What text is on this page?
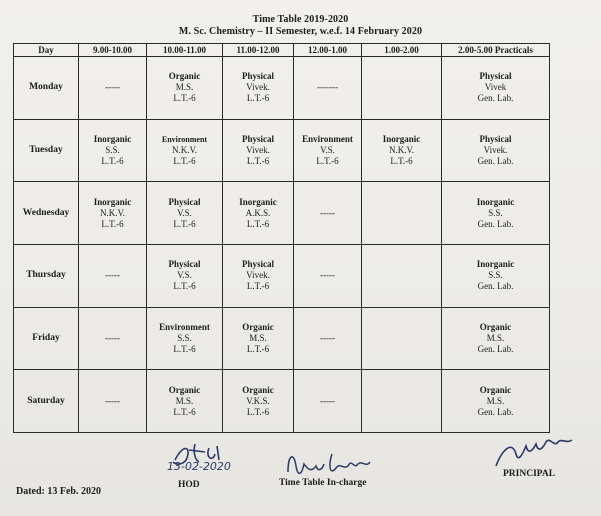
Time Table 2019-2020
M. Sc. Chemistry – II Semester, w.e.f. 14 February 2020
Day	9.00-10.00	10.00-11.00	11.00-12.00	12.00-1.00	1.00-2.00	2.00-5.00 Practicals
Monday	-----	Organic
M.S.
L.T.-6	Physical
Vivek.
L.T.-6	-------		Physical
Vivek
Gen. Lab.

Tuesday	Inorganic
S.S.
L.T.-6	Environment
N.K.V.
L.T.-6	Physical
Vivek.
L.T.-6	Environment
V.S.
L.T.-6	Inorganic
N.K.V.
L.T.-6	Physical
Vivek.
Gen. Lab.

Wednesday	Inorganic
N.K.V.
L.T.-6	Physical
V.S.
L.T.-6	Inorganic
A.K.S.
L.T.-6	-----		Inorganic
S.S.
Gen. Lab.

Thursday	-----	Physical
V.S.
L.T.-6	Physical
Vivek.
L.T.-6	-----		Inorganic
S.S.
Gen. Lab.

Friday	-----	Environment
S.S.
L.T.-6	Organic
M.S.
L.T.-6	-----		Organic
M.S.
Gen. Lab.

Saturday	-----	Organic
M.S.
L.T.-6	Organic
V.K.S.
L.T.-6	-----		Organic
M.S.
Gen. Lab.
13-02-2020
HOD	Time Table In-charge
PRINCIPAL
Dated: 13 Feb. 2020
